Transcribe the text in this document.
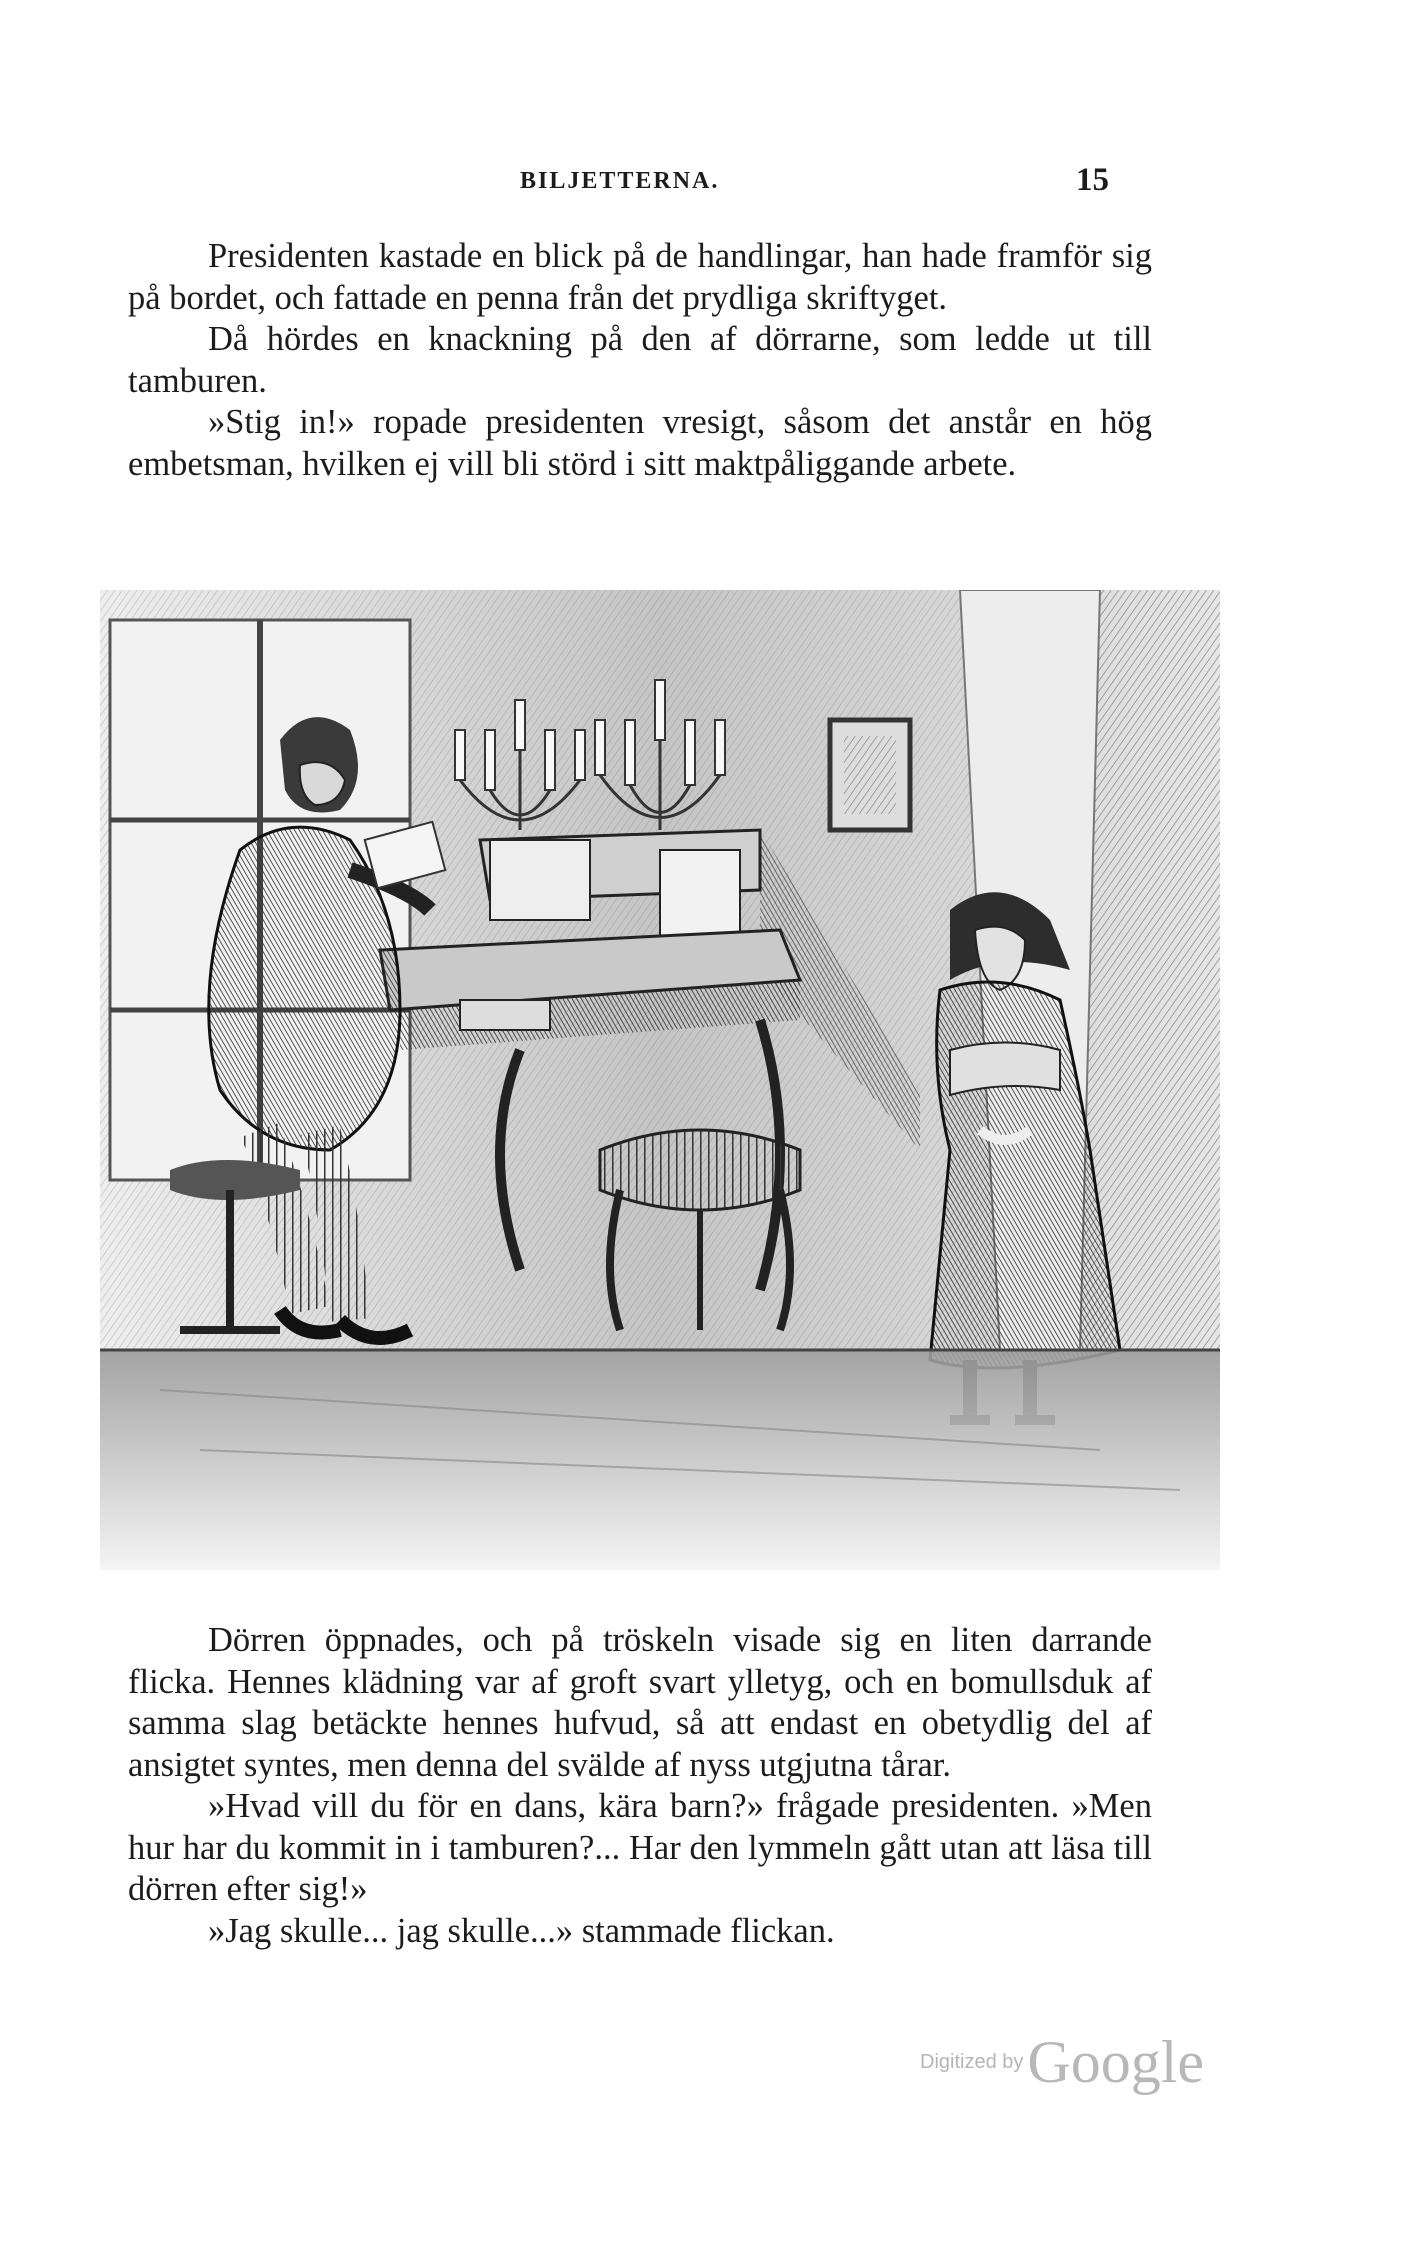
BILJETTERNA.	15

Presidenten kastade en blick på de handlingar, han hade framför sig på bordet, och fattade en penna från det prydliga skriftyget.

Då hördes en knackning på den af dörrarne, som ledde ut till tamburen.

»Stig in!» ropade presidenten vresigt, såsom det anstår en hög embetsman, hvilken ej vill bli störd i sitt maktpåliggande arbete.

Dörren öppnades, och på tröskeln visade sig en liten darrande flicka. Hennes klädning var af groft svart ylletyg, och en bomullsduk af samma slag betäckte hennes hufvud, så att endast en obetydlig del af ansigtet syntes, men denna del svälde af nyss utgjutna tårar.

»Hvad vill du för en dans, kära barn?» frågade presidenten. »Men hur har du kommit in i tamburen?... Har den lymmeln gått utan att läsa till dörren efter sig!»

»Jag skulle... jag skulle...» stammade flickan.

Digitized by Google
